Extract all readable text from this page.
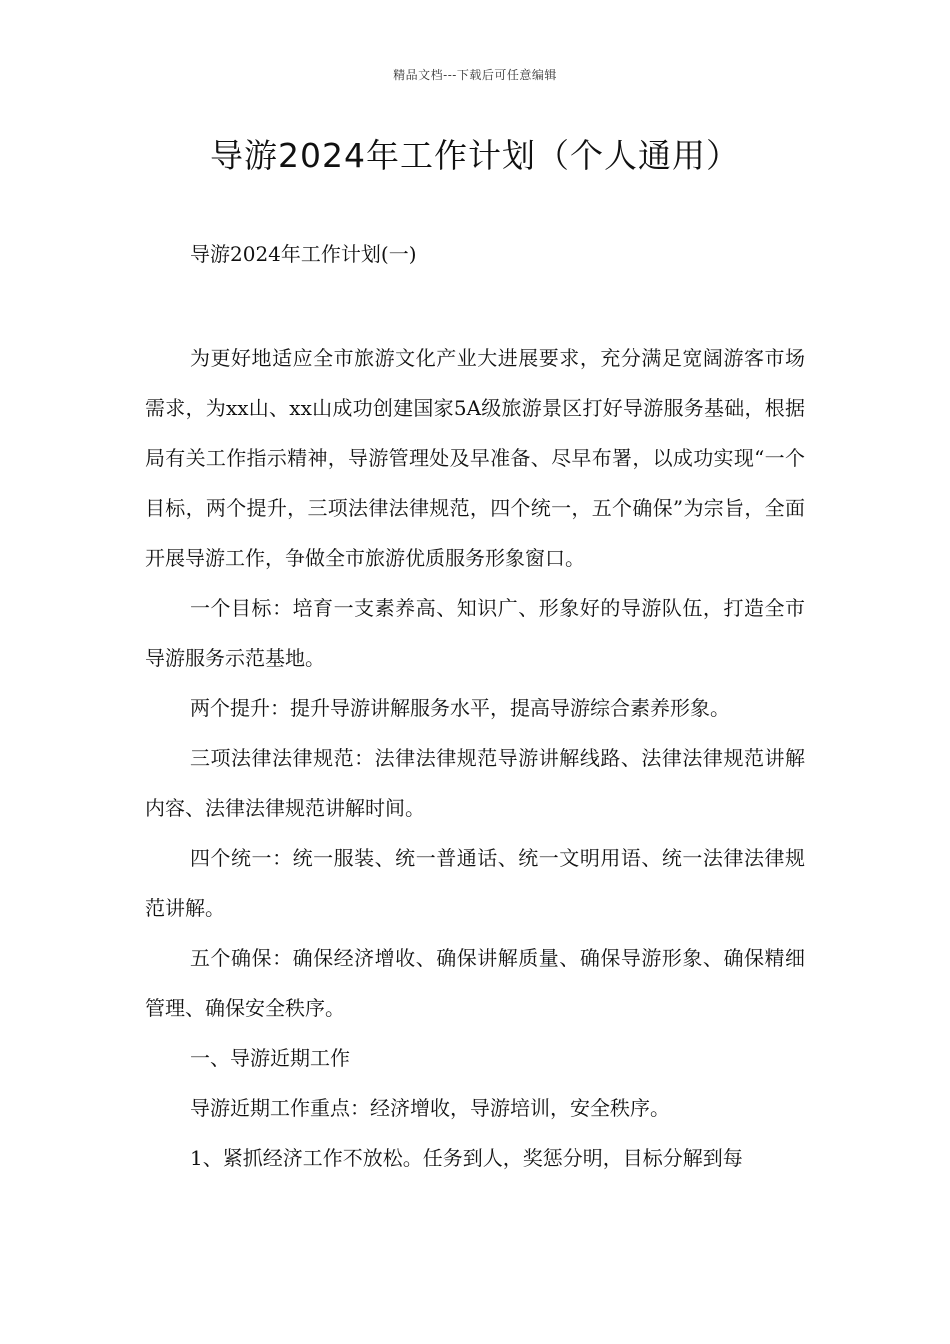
精品文档---下载后可任意编辑
导游2024年工作计划（个人通用）

导游2024年工作计划(一)

为更好地适应全市旅游文化产业大进展要求，充分满足宽阔游客市场需求，为xx山、xx山成功创建国家5A级旅游景区打好导游服务基础，根据局有关工作指示精神，导游管理处及早准备、尽早布署，以成功实现“一个目标，两个提升，三项法律法律规范，四个统一，五个确保”为宗旨，全面开展导游工作，争做全市旅游优质服务形象窗口。

一个目标：培育一支素养高、知识广、形象好的导游队伍，打造全市导游服务示范基地。

两个提升：提升导游讲解服务水平，提高导游综合素养形象。

三项法律法律规范：法律法律规范导游讲解线路、法律法律规范讲解内容、法律法律规范讲解时间。

四个统一：统一服装、统一普通话、统一文明用语、统一法律法律规范讲解。

五个确保：确保经济增收、确保讲解质量、确保导游形象、确保精细管理、确保安全秩序。

一、导游近期工作

导游近期工作重点：经济增收，导游培训，安全秩序。

1、紧抓经济工作不放松。任务到人，奖惩分明，目标分解到每
